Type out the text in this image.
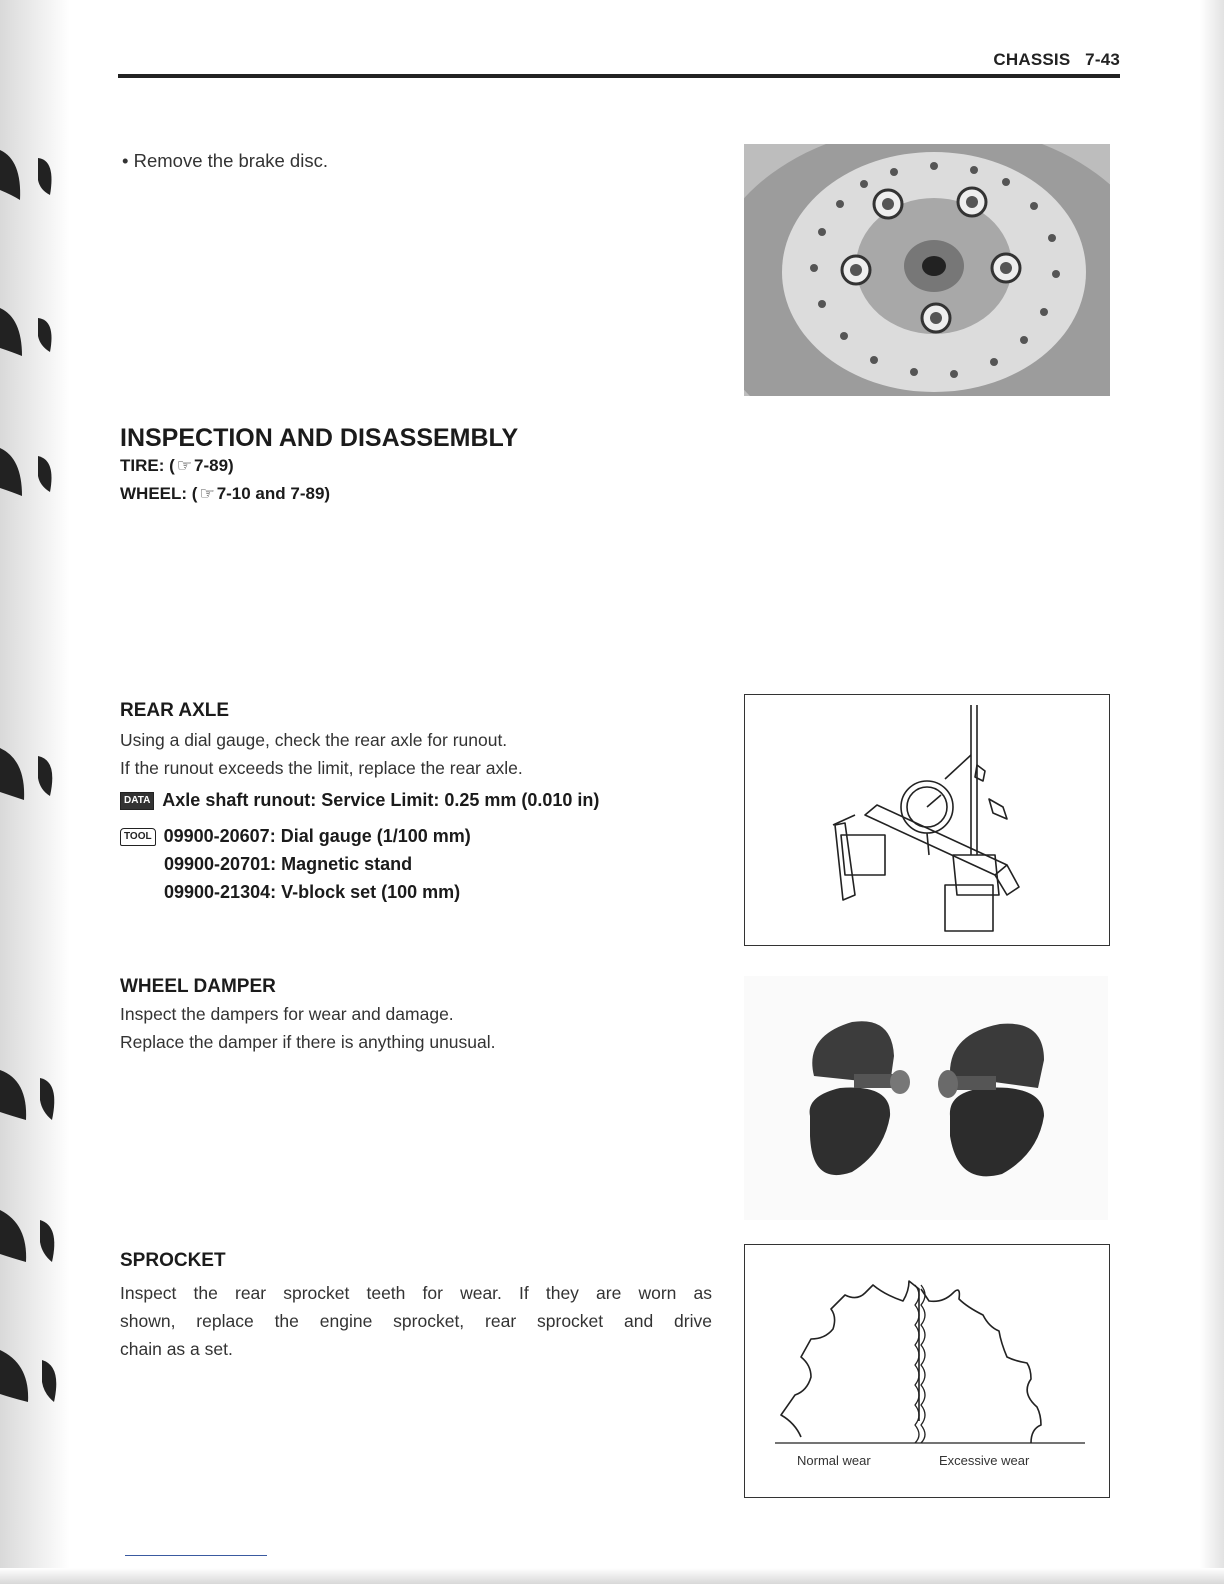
CHASSIS 7-43
• Remove the brake disc.
INSPECTION AND DISASSEMBLY
TIRE: ( ☞ 7-89)
WHEEL: ( ☞ 7-10 and 7-89)
REAR AXLE
Using a dial gauge, check the rear axle for runout.
If the runout exceeds the limit, replace the rear axle.
DATA Axle shaft runout: Service Limit: 0.25 mm (0.010 in)
TOOL 09900-20607: Dial gauge (1/100 mm)
09900-20701: Magnetic stand
09900-21304: V-block set (100 mm)
WHEEL DAMPER
Inspect the dampers for wear and damage.
Replace the damper if there is anything unusual.
SPROCKET
Inspect the rear sprocket teeth for wear. If they are worn as
shown, replace the engine sprocket, rear sprocket and drive
chain as a set.
Normal wear	Excessive wear
